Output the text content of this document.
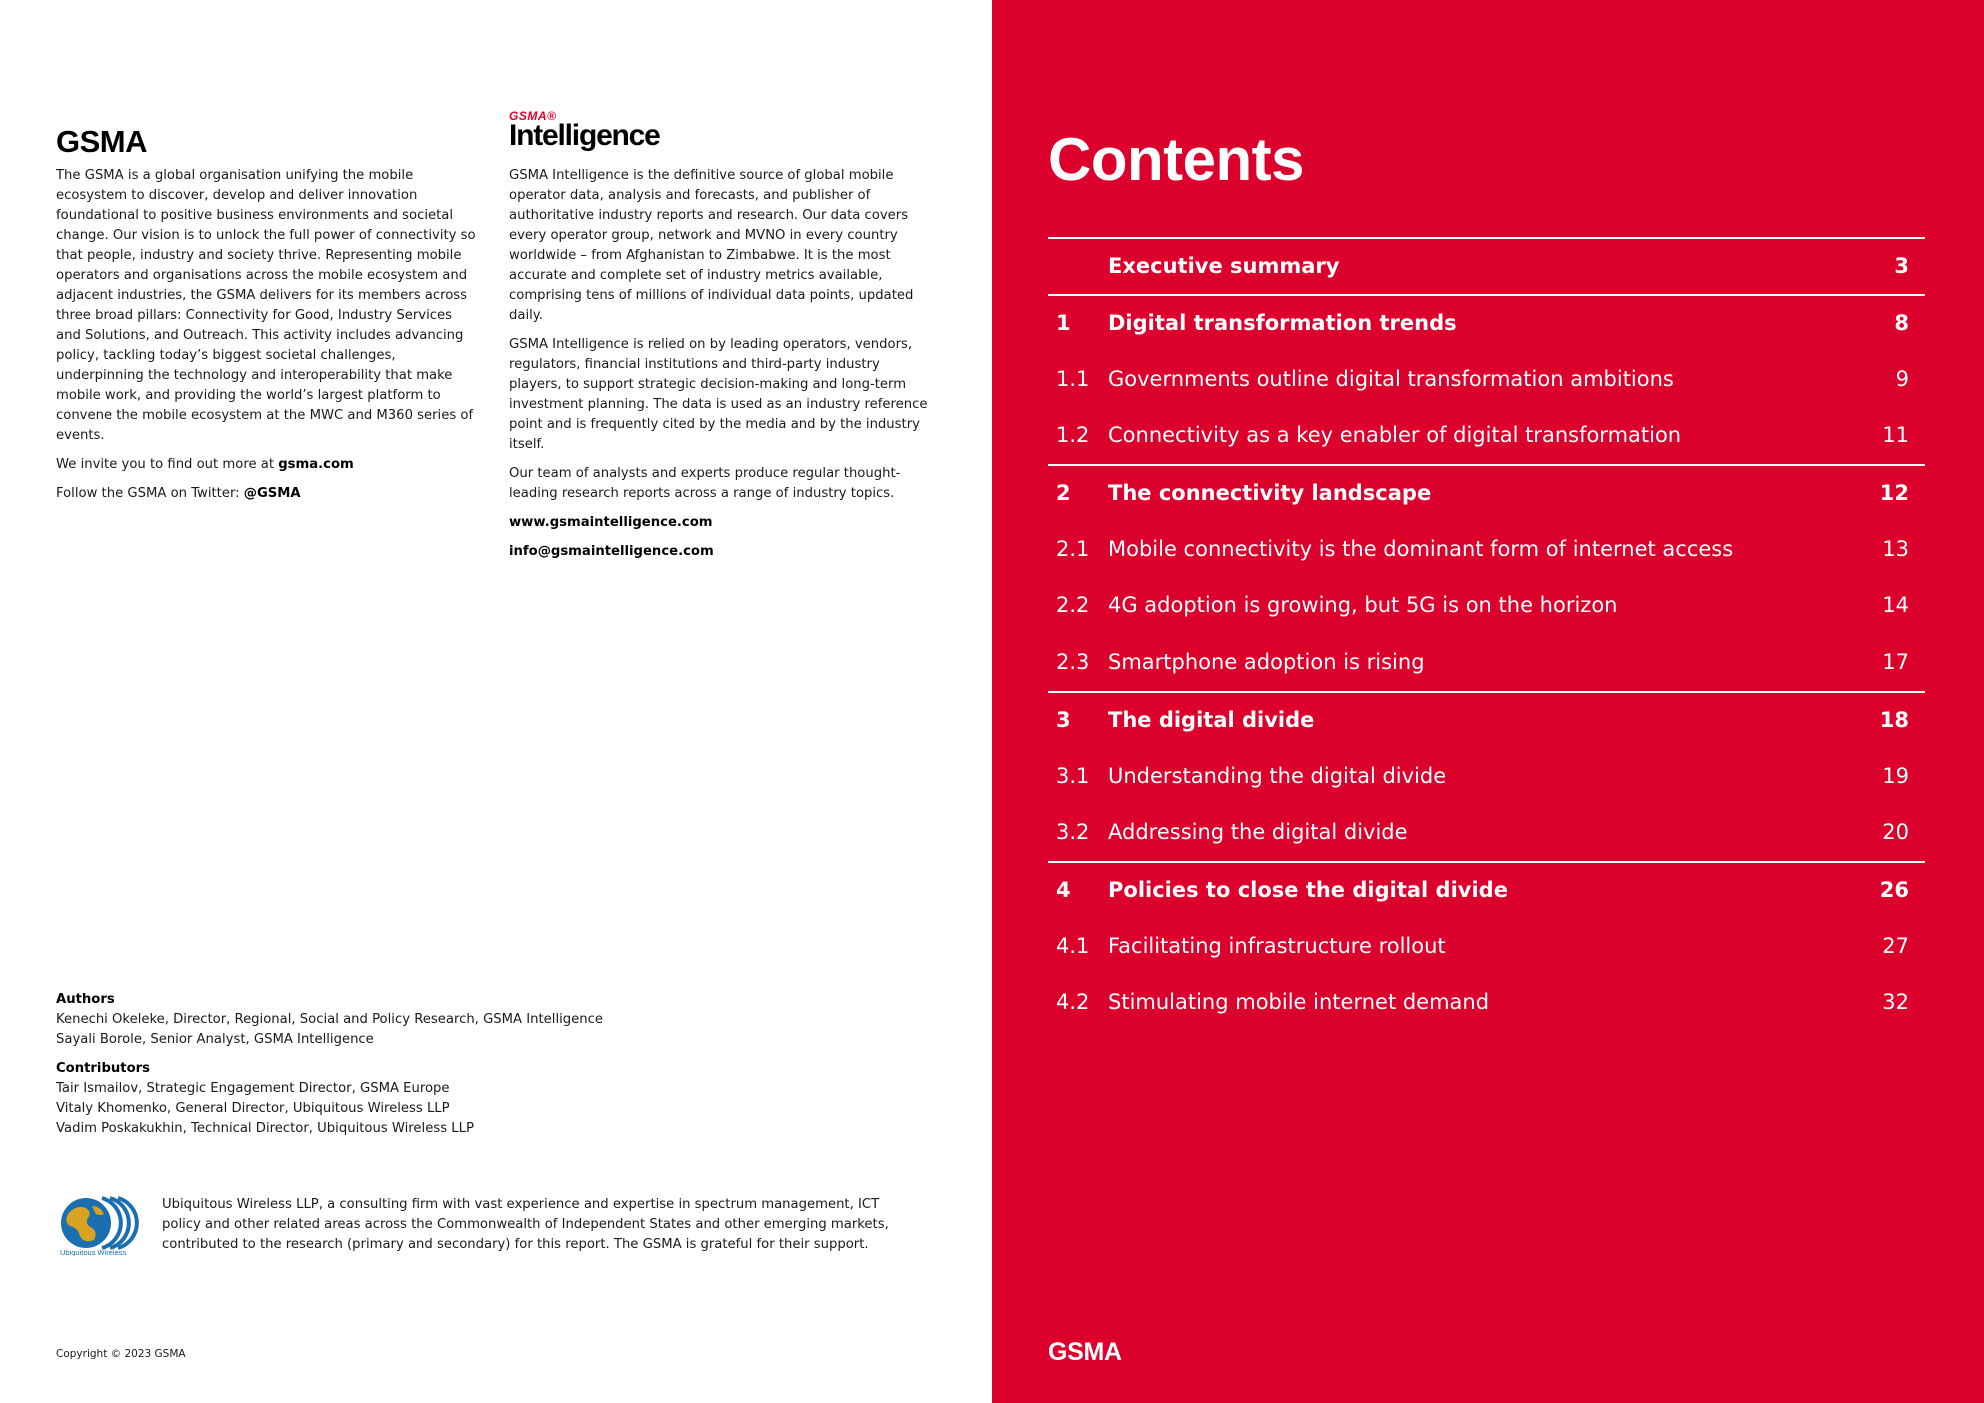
GSMA
GSMA®
Intelligence

The GSMA is a global organisation unifying the mobile ecosystem to discover, develop and deliver innovation foundational to positive business environments and societal change. Our vision is to unlock the full power of connectivity so that people, industry and society thrive. Representing mobile operators and organisations across the mobile ecosystem and adjacent industries, the GSMA delivers for its members across three broad pillars: Connectivity for Good, Industry Services and Solutions, and Outreach. This activity includes advancing policy, tackling today’s biggest societal challenges, underpinning the technology and interoperability that make mobile work, and providing the world’s largest platform to convene the mobile ecosystem at the MWC and M360 series of events.

We invite you to find out more at gsma.com

Follow the GSMA on Twitter: @GSMA

GSMA Intelligence is the definitive source of global mobile operator data, analysis and forecasts, and publisher of authoritative industry reports and research. Our data covers every operator group, network and MVNO in every country worldwide – from Afghanistan to Zimbabwe. It is the most accurate and complete set of industry metrics available, comprising tens of millions of individual data points, updated daily.

GSMA Intelligence is relied on by leading operators, vendors, regulators, financial institutions and third-party industry players, to support strategic decision-making and long-term investment planning. The data is used as an industry reference point and is frequently cited by the media and by the industry itself.

Our team of analysts and experts produce regular thought-leading research reports across a range of industry topics.

www.gsmaintelligence.com

info@gsmaintelligence.com

Authors
Kenechi Okeleke, Director, Regional, Social and Policy Research, GSMA Intelligence
Sayali Borole, Senior Analyst, GSMA Intelligence
Contributors
Tair Ismailov, Strategic Engagement Director, GSMA Europe
Vitaly Khomenko, General Director, Ubiquitous Wireless LLP
Vadim Poskakukhin, Technical Director, Ubiquitous Wireless LLP
Ubiquitous Wireless
Ubiquitous Wireless LLP, a consulting firm with vast experience and expertise in spectrum management, ICT policy and other related areas across the Commonwealth of Independent States and other emerging markets, contributed to the research (primary and secondary) for this report. The GSMA is grateful for their support.
Copyright © 2023 GSMA
Contents
Executive summary	3
1	Digital transformation trends	8
1.1 Governments outline digital transformation ambitions	9
1.2 Connectivity as a key enabler of digital transformation	11
2	The connectivity landscape	12
2.1 Mobile connectivity is the dominant form of internet access	13
2.2 4G adoption is growing, but 5G is on the horizon	14
2.3 Smartphone adoption is rising	17
3	The digital divide	18
3.1 Understanding the digital divide	19
3.2 Addressing the digital divide	20
4	Policies to close the digital divide	26
4.1 Facilitating infrastructure rollout	27
4.2 Stimulating mobile internet demand	32
GSMA
